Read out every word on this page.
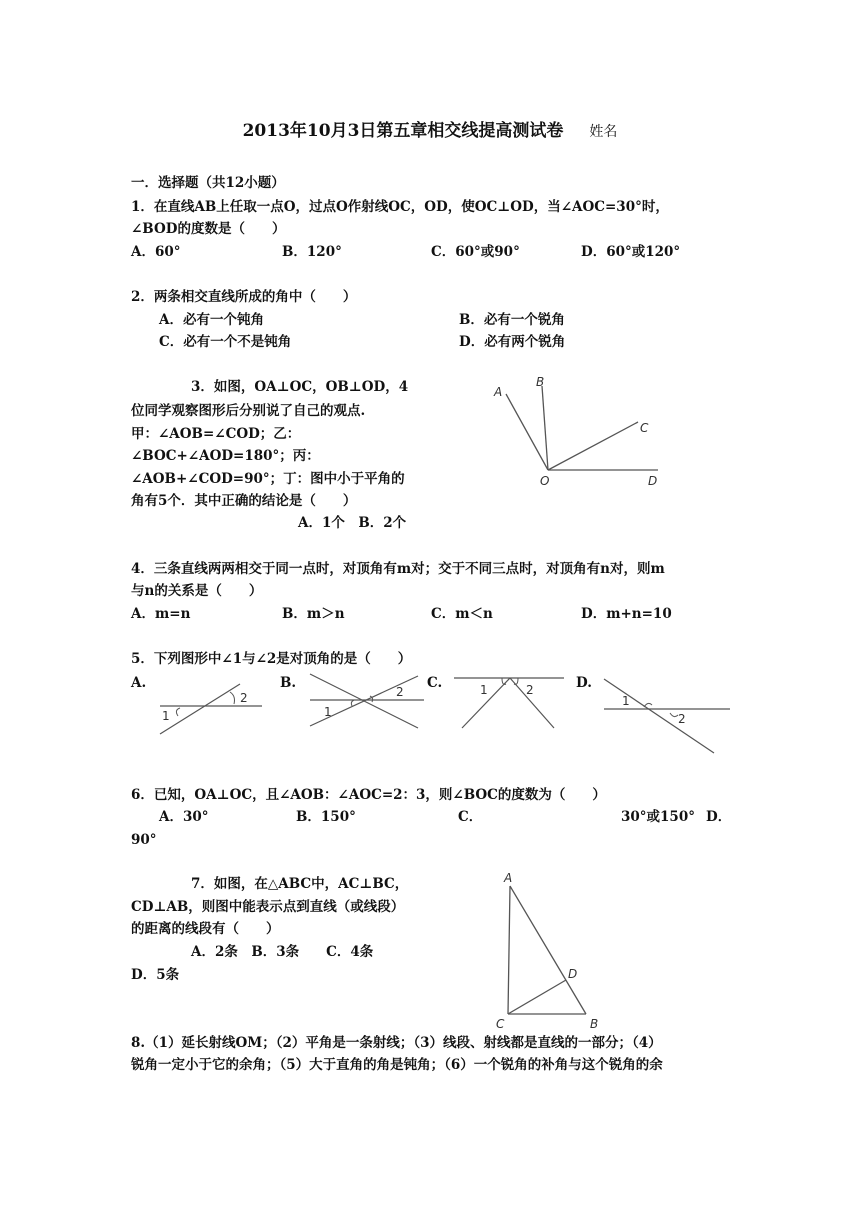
2013年10月3日第五章相交线提高测试卷 姓名
一．选择题（共12小题）
1．在直线AB上任取一点O，过点O作射线OC，OD，使OC⊥OD，当∠AOC=30°时，
∠BOD的度数是（　　）
A．60°	B．120°	C．60°或90°	D．60°或120°
2．两条相交直线所成的角中（　　）
A．必有一个钝角	B．必有一个锐角
C．必有一个不是钝角	D．必有两个锐角
3．如图，OA⊥OC，OB⊥OD，4
位同学观察图形后分别说了自己的观点.
甲：∠AOB=∠COD；乙：
∠BOC+∠AOD=180°；丙：
∠AOB+∠COD=90°；丁：图中小于平角的
角有5个．其中正确的结论是（　　）
A．1个　B．2个
A
B
C
O	D
4．三条直线两两相交于同一点时，对顶角有m对；交于不同三点时，对顶角有n对，则m
与n的关系是（　　）
A．m=n	B．m＞n	C．m＜n	D．m+n=10
5．下列图形中∠1与∠2是对顶角的是（　　）
A.	B.	C.	D.
1
2
1
2	1	2
1
2
6．已知，OA⊥OC，且∠AOB：∠AOC=2：3，则∠BOC的度数为（　　）
A．30°	B．150°	C．	30°或150° D．
90°
7．如图，在△ABC中，AC⊥BC，
CD⊥AB，则图中能表示点到直线（或线段）
的距离的线段有（　　）
A．2条　B．3条　　C．4条
D．5条
A
D
C	B
8.（1）延长射线OM；（2）平角是一条射线；（3）线段、射线都是直线的一部分；（4）
锐角一定小于它的余角；（5）大于直角的角是钝角；（6）一个锐角的补角与这个锐角的余
